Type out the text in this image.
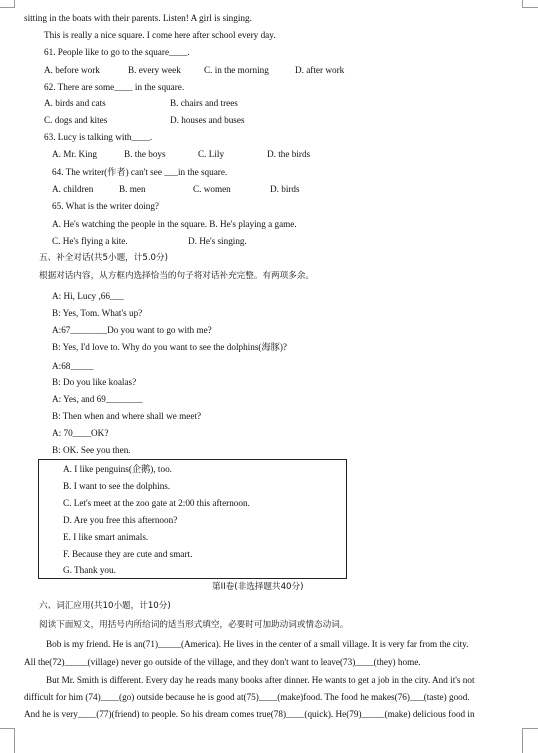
sitting in the boats with their parents. Listen! A girl is singing.
This is really a nice square. I come here after school every day.
61. People like to go to the square____.
A. before work	B. every week	C. in the morning	D. after work
62. There are some____ in the square.
A. birds and cats	B. chairs and trees
C. dogs and kites	D. houses and buses
63. Lucy is talking with____.
A. Mr. King	B. the boys	C. Lily	D. the birds
64. The writer(作者) can't see ___in the square.
A. children	B. men	C. women	D. birds
65. What is the writer doing?
A. He's watching the people in the square. B. He's playing a game.
C. He's flying a kite.	D. He's singing.
五、补全对话(共5小题，计5.0分)
根据对话内容，从方框内选择恰当的句子将对话补充完整。有两项多余。
A: Hi, Lucy ,66___
B: Yes, Tom. What's up?
A:67________Do you want to go with me?
B: Yes, I'd love to. Why do you want to see the dolphins(海豚)?
A:68_____
B: Do you like koalas?
A: Yes, and 69________
B: Then when and where shall we meet?
A: 70____OK?
B: OK. See you then.
A. I like penguins(企鹅), too.
B. I want to see the dolphins.
C. Let's meet at the zoo gate at 2:00 this afternoon.
D. Are you free this afternoon?
E. I like smart animals.
F. Because they are cute and smart.
G. Thank you.
第II卷(非选择题共40分)
六、词汇应用(共10小题，计10分)
阅读下面短文，用括号内所给词的适当形式填空，必要时可加助动词或情态动词。
Bob is my friend. He is an(71)_____(America). He lives in the center of a small village. It is very far from the city.
All the(72)_____(village) never go outside of the village, and they don't want to leave(73)____(they) home.
But Mr. Smith is different. Every day he reads many books after dinner. He wants to get a job in the city. And it's not
difficult for him (74)____(go) outside because he is good at(75)____(make)food. The food he makes(76)___(taste) good.
And he is very____(77)(friend) to people. So his dream comes true(78)____(quick). He(79)_____(make) delicious food in
